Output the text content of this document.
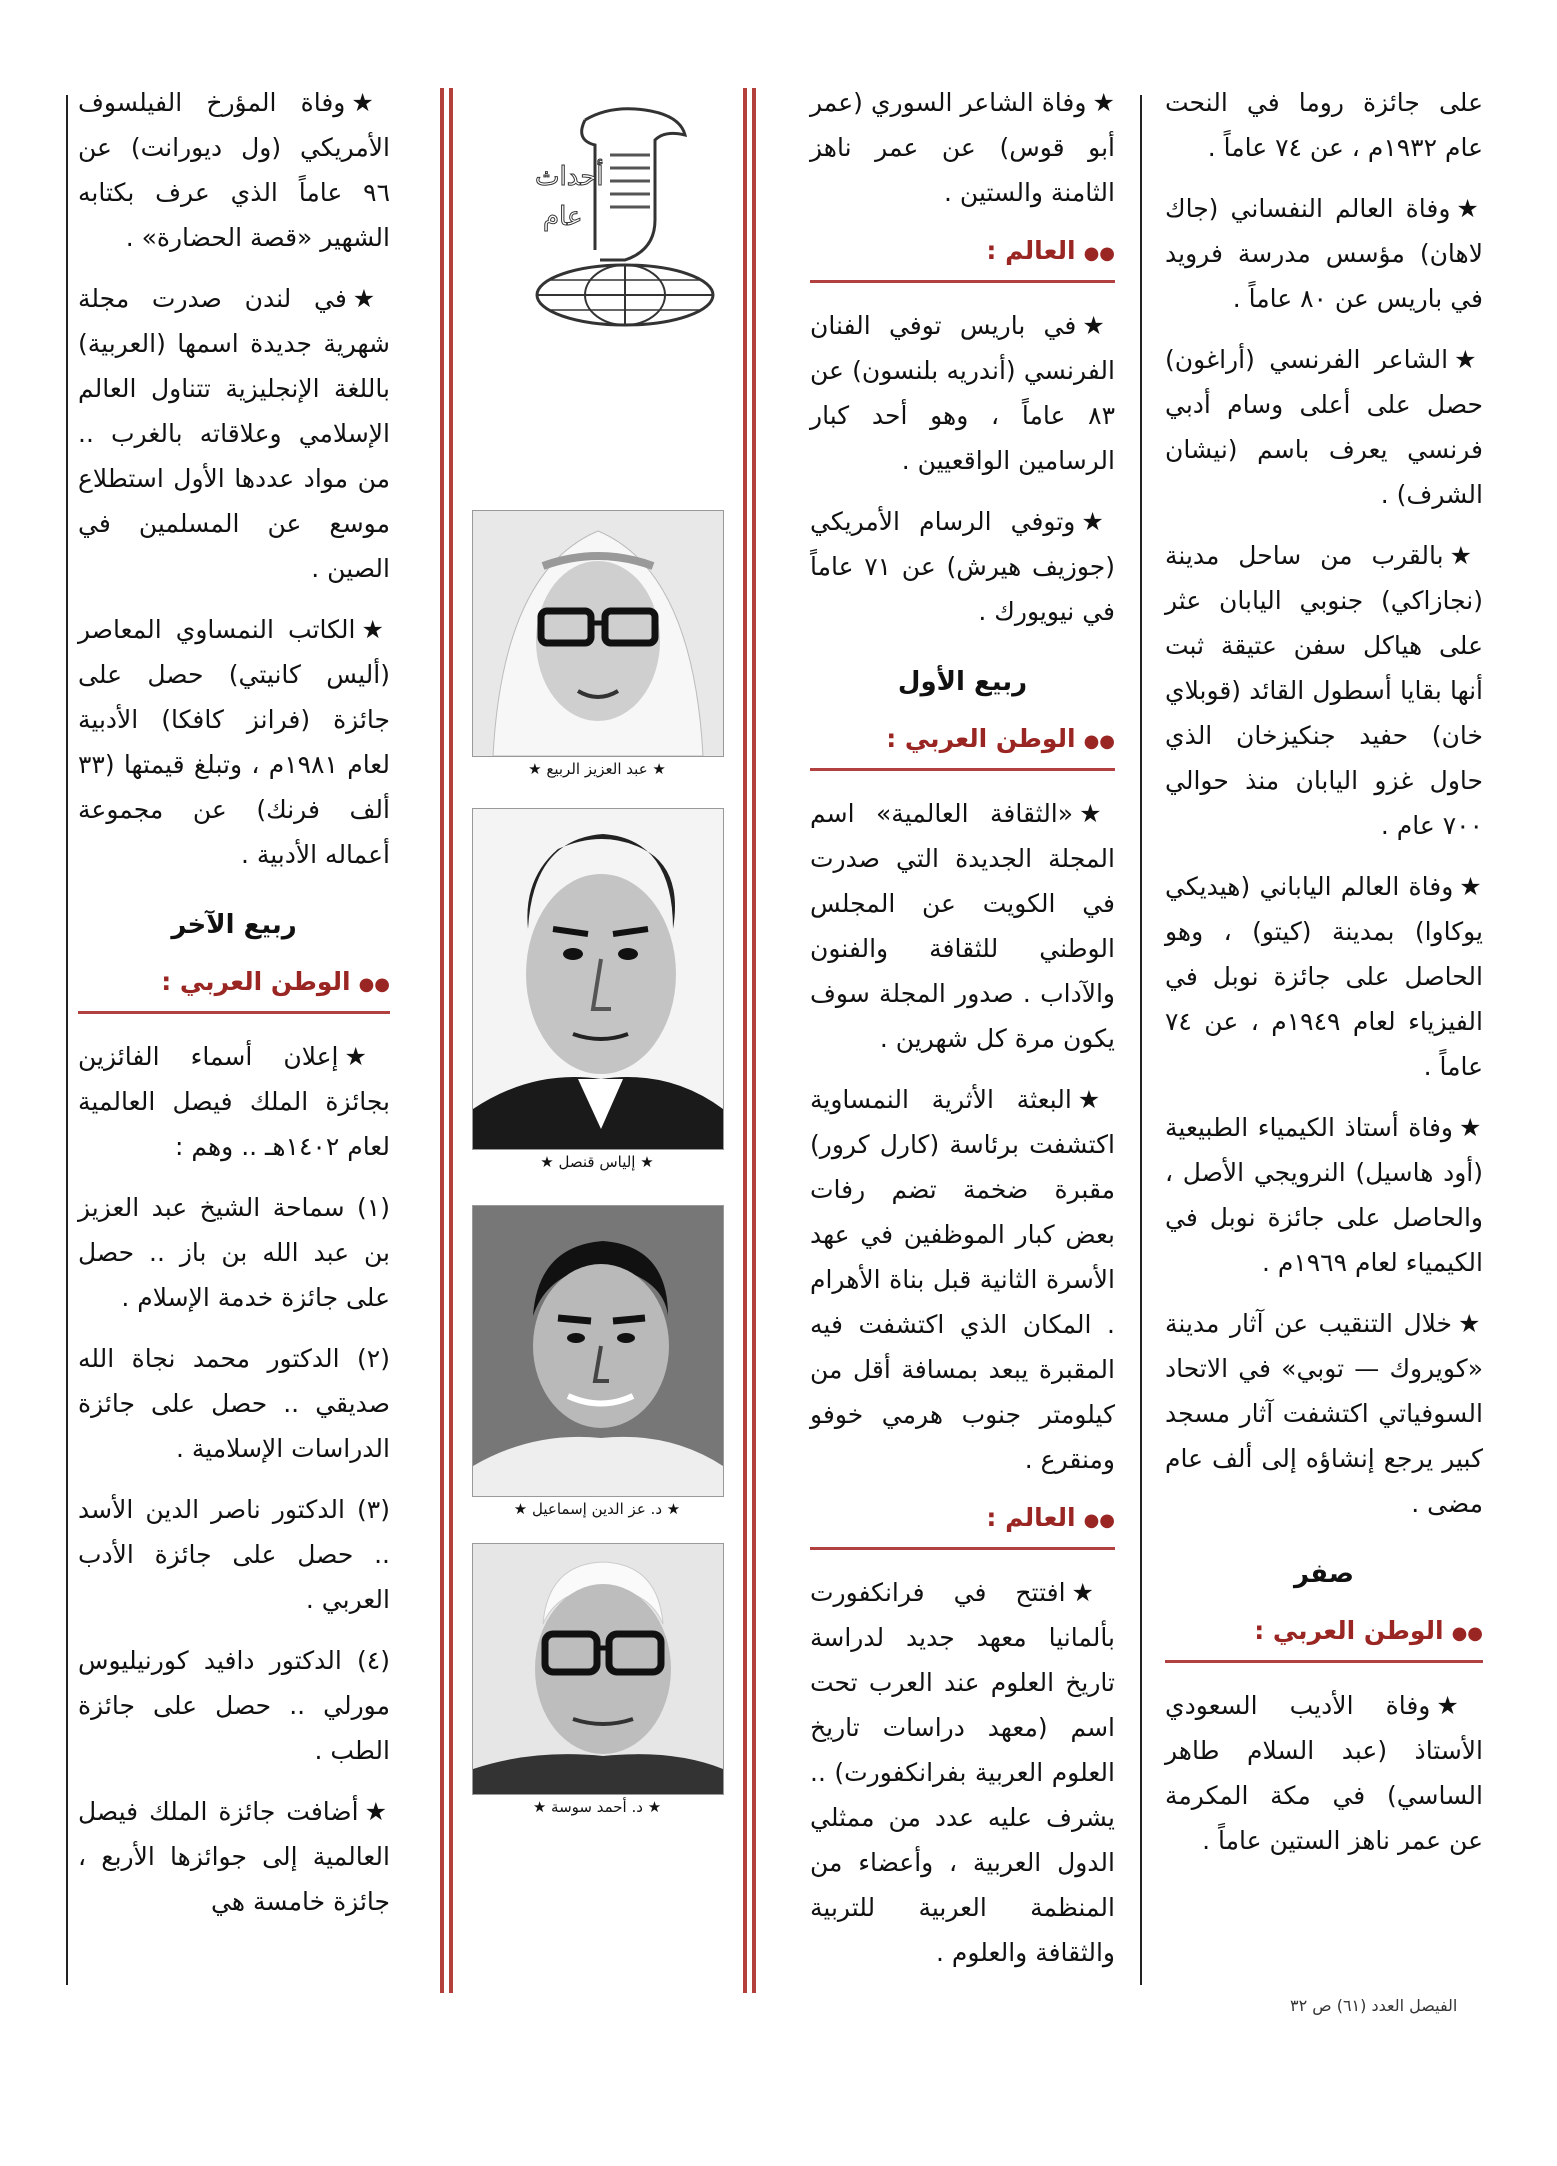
على جائزة روما في النحت عام ١٩٣٢م ، عن ٧٤ عاماً .

★وفاة العالم النفساني (جاك لاهان) مؤسس مدرسة فرويد في باريس عن ٨٠ عاماً .

★الشاعر الفرنسي (أراغون) حصل على أعلى وسام أدبي فرنسي يعرف باسم (نيشان الشرف) .

★بالقرب من ساحل مدينة (نجازاكي) جنوبي اليابان عثر على هياكل سفن عتيقة ثبت أنها بقايا أسطول القائد (قوبلاي خان) حفيد جنكيزخان الذي حاول غزو اليابان منذ حوالي ٧٠٠ عام .

★وفاة العالم الياباني (هيديكي يوكاوا) بمدينة (كيتو) ، وهو الحاصل على جائزة نوبل في الفيزياء لعام ١٩٤٩م ، عن ٧٤ عاماً .

★وفاة أستاذ الكيمياء الطبيعية (أود هاسيل) النرويجي الأصل ، والحاصل على جائزة نوبل في الكيمياء لعام ١٩٦٩م .

★خلال التنقيب عن آثار مدينة «كويروك — توبي» في الاتحاد السوفياتي اكتشفت آثار مسجد كبير يرجع إنشاؤه إلى ألف عام مضى .

صفر
●●الوطن العربي :

★وفاة الأديب السعودي الأستاذ (عبد السلام طاهر الساسي) في مكة المكرمة عن عمر ناهز الستين عاماً .

★وفاة الشاعر السوري (عمر أبو قوس) عن عمر ناهز الثامنة والستين .

●●العالم :

★في باريس توفي الفنان الفرنسي (أندريه بلنسون) عن ٨٣ عاماً ، وهو أحد كبار الرسامين الواقعيين .

★وتوفي الرسام الأمريكي (جوزيف هيرش) عن ٧١ عاماً في نيويورك .

ربيع الأول
●●الوطن العربي :

★«الثقافة العالمية» اسم المجلة الجديدة التي صدرت في الكويت عن المجلس الوطني للثقافة والفنون والآداب . صدور المجلة سوف يكون مرة كل شهرين .

★البعثة الأثرية النمساوية اكتشفت برئاسة (كارل كرور) مقبرة ضخمة تضم رفات بعض كبار الموظفين في عهد الأسرة الثانية قبل بناة الأهرام . المكان الذي اكتشفت فيه المقبرة يبعد بمسافة أقل من كيلومتر جنوب هرمي خوفو ومنقرع .

●●العالم :

★افتتح في فرانكفورت بألمانيا معهد جديد لدراسة تاريخ العلوم عند العرب تحت اسم (معهد دراسات تاريخ العلوم العربية بفرانكفورت) .. يشرف عليه عدد من ممثلي الدول العربية ، وأعضاء من المنظمة العربية للتربية والثقافة والعلوم .

أحداث
عام
★ عبد العزيز الربيع ★
★ إلياس قنصل ★
★ د. عز الدين إسماعيل ★
★ د. أحمد سوسة ★

★وفاة المؤرخ الفيلسوف الأمريكي (ول ديورانت) عن ٩٦ عاماً الذي عرف بكتابه الشهير «قصة الحضارة» .

★في لندن صدرت مجلة شهرية جديدة اسمها (العربية) باللغة الإنجليزية تتناول العالم الإسلامي وعلاقاته بالغرب .. من مواد عددها الأول استطلاع موسع عن المسلمين في الصين .

★الكاتب النمساوي المعاصر (أليس كانيتي) حصل على جائزة (فرانز كافكا) الأدبية لعام ١٩٨١م ، وتبلغ قيمتها (٣٣ ألف فرنك) عن مجموعة أعماله الأدبية .

ربيع الآخر
●●الوطن العربي :

★إعلان أسماء الفائزين بجائزة الملك فيصل العالمية لعام ١٤٠٢هـ .. وهم :

(١) سماحة الشيخ عبد العزيز بن عبد الله بن باز .. حصل على جائزة خدمة الإسلام .

(٢) الدكتور محمد نجاة الله صديقي .. حصل على جائزة الدراسات الإسلامية .

(٣) الدكتور ناصر الدين الأسد .. حصل على جائزة الأدب العربي .

(٤) الدكتور دافيد كورنيليوس مورلي .. حصل على جائزة الطب .

★أضافت جائزة الملك فيصل العالمية إلى جوائزها الأربع ، جائزة خامسة هي

الفيصل العدد (٦١) ص ٣٢
